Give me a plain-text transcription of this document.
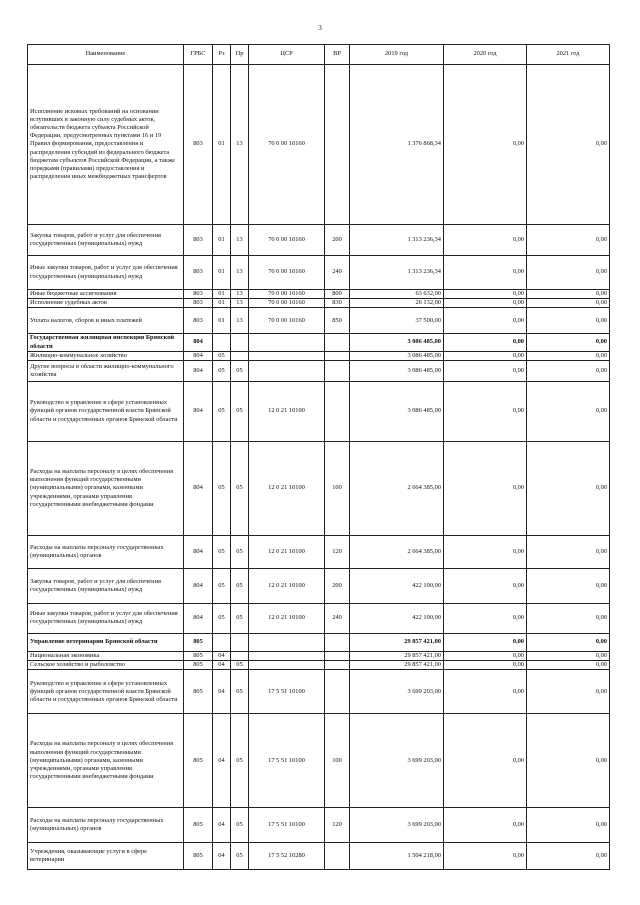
3
Наименование	ГРБС	Рз	Пр	ЦСР	ВР	2019 год	2020 год	2021 год
Исполнение исковых требований на основании вступивших в законную силу судебных актов, обязательств бюджета субъекта Российской Федерации, предусмотренных пунктами 16 и 19 Правил формирования, предоставления и распределения субсидий из федерального бюджета бюджетам субъектов Российской Федерации, а также порядками (правилами) предоставления и распределения иных межбюджетных трансфертов	803	01	13	70 0 00 10160		1 376 868,34	0,00	0,00
Закупка товаров, работ и услуг для обеспечения государственных (муниципальных) нужд	803	01	13	70 0 00 10160	200	1 313 236,34	0,00	0,00
Иные закупки товаров, работ и услуг для обеспечения государственных (муниципальных) нужд	803	01	13	70 0 00 10160	240	1 313 236,34	0,00	0,00
Иные бюджетные ассигнования	803	01	13	70 0 00 10160	800	63 632,00	0,00	0,00
Исполнение судебных актов	803	01	13	70 0 00 10160	830	26 132,00	0,00	0,00
Уплата налогов, сборов и иных платежей	803	01	13	70 0 00 10160	850	37 500,00	0,00	0,00
Государственная жилищная инспекция Брянской области	804					3 086 485,00	0,00	0,00
Жилищно-коммунальное хозяйство	804	05				3 086 485,00	0,00	0,00
Другие вопросы в области жилищно-коммунального хозяйства	804	05	05			3 086 485,00	0,00	0,00
Руководство и управление в сфере установленных функций органов государственной власти Брянской области и государственных органов Брянской области	804	05	05	12 0 21 10100		3 086 485,00	0,00	0,00
Расходы на выплаты персоналу в целях обеспечения выполнения функций государственными (муниципальными) органами, казенными учреждениями, органами управления государственными внебюджетными фондами	804	05	05	12 0 21 10100	100	2 664 385,00	0,00	0,00
Расходы на выплаты персоналу государственных (муниципальных) органов	804	05	05	12 0 21 10100	120	2 664 385,00	0,00	0,00
Закупка товаров, работ и услуг для обеспечения государственных (муниципальных) нужд	804	05	05	12 0 21 10100	200	422 100,00	0,00	0,00
Иные закупки товаров, работ и услуг для обеспечения государственных (муниципальных) нужд	804	05	05	12 0 21 10100	240	422 100,00	0,00	0,00
Управление ветеринарии Брянской области	805					29 857 421,00	0,00	0,00
Национальная экономика	805	04				29 857 421,00	0,00	0,00
Сельское хозяйство и рыболовство	805	04	05			29 857 421,00	0,00	0,00
Руководство и управление в сфере установленных функций органов государственной власти Брянской области и государственных органов Брянской области	805	04	05	17 5 51 10100		3 699 203,00	0,00	0,00
Расходы на выплаты персоналу в целях обеспечения выполнения функций государственными (муниципальными) органами, казенными учреждениями, органами управления государственными внебюджетными фондами	805	04	05	17 5 51 10100	100	3 699 203,00	0,00	0,00
Расходы на выплаты персоналу государственных (муниципальных) органов	805	04	05	17 5 51 10100	120	3 699 203,00	0,00	0,00
Учреждения, оказывающие услуги в сфере ветеринарии	805	04	05	17 5 52 10280		1 504 218,00	0,00	0,00
